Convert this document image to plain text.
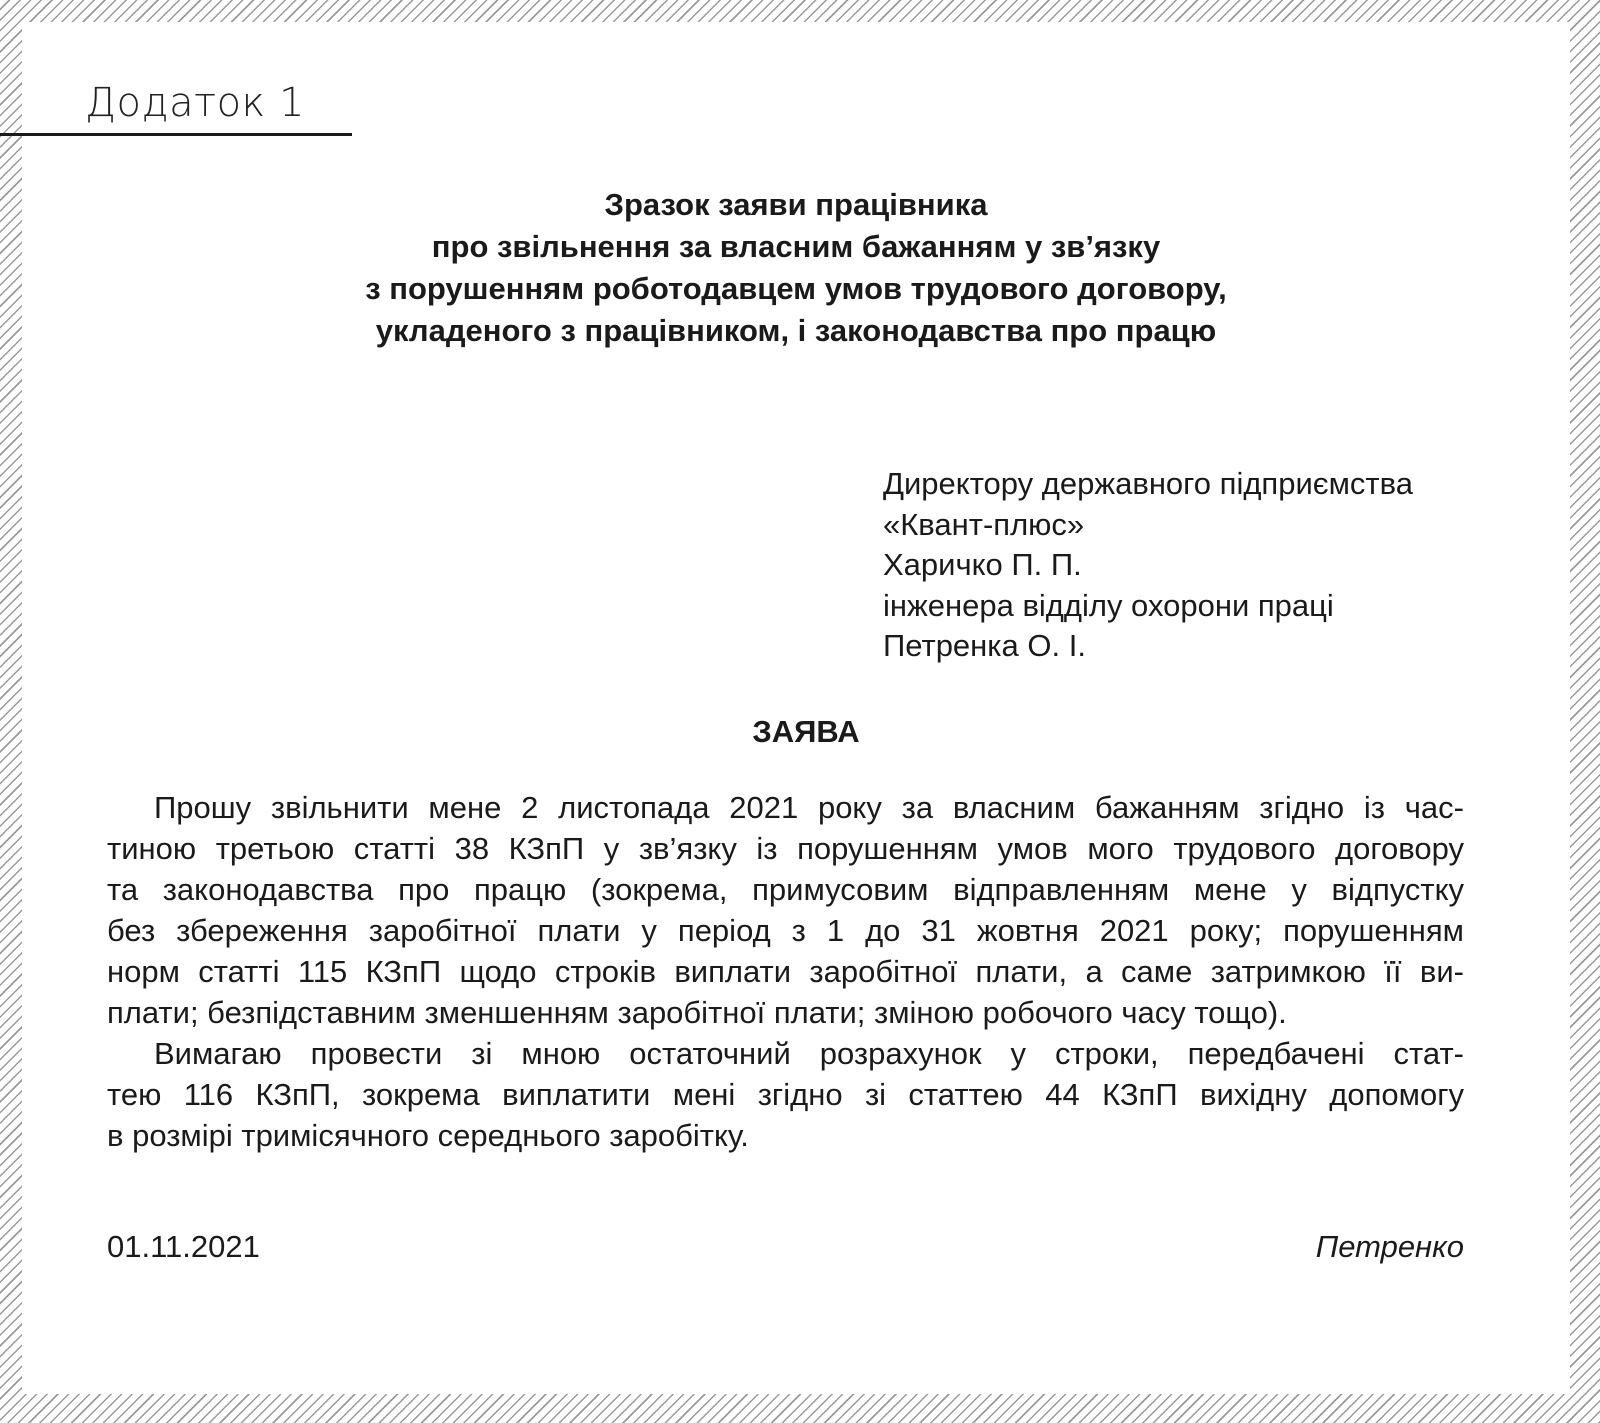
Додаток 1
Зразок заяви працівника
про звільнення за власним бажанням у зв’язку
з порушенням роботодавцем умов трудового договору,
укладеного з працівником, і законодавства про працю
Директору державного підприємства
«Квант-плюс»
Харичко П. П.
інженера відділу охорони праці
Петренка О. І.
ЗАЯВА
Прошу звільнити мене 2 листопада 2021 року за власним бажанням згідно із час-
тиною третьою статті 38 КЗпП у зв’язку із порушенням умов мого трудового договору
та законодавства про працю (зокрема, примусовим відправленням мене у відпустку
без збереження заробітної плати у період з 1 до 31 жовтня 2021 року; порушенням
норм статті 115 КЗпП щодо строків виплати заробітної плати, а саме затримкою її ви-
плати; безпідставним зменшенням заробітної плати; зміною робочого часу тощо).
Вимагаю провести зі мною остаточний розрахунок у строки, передбачені стат-
тею 116 КЗпП, зокрема виплатити мені згідно зі статтею 44 КЗпП вихідну допомогу
в розмірі тримісячного середнього заробітку.
01.11.2021	Петренко
